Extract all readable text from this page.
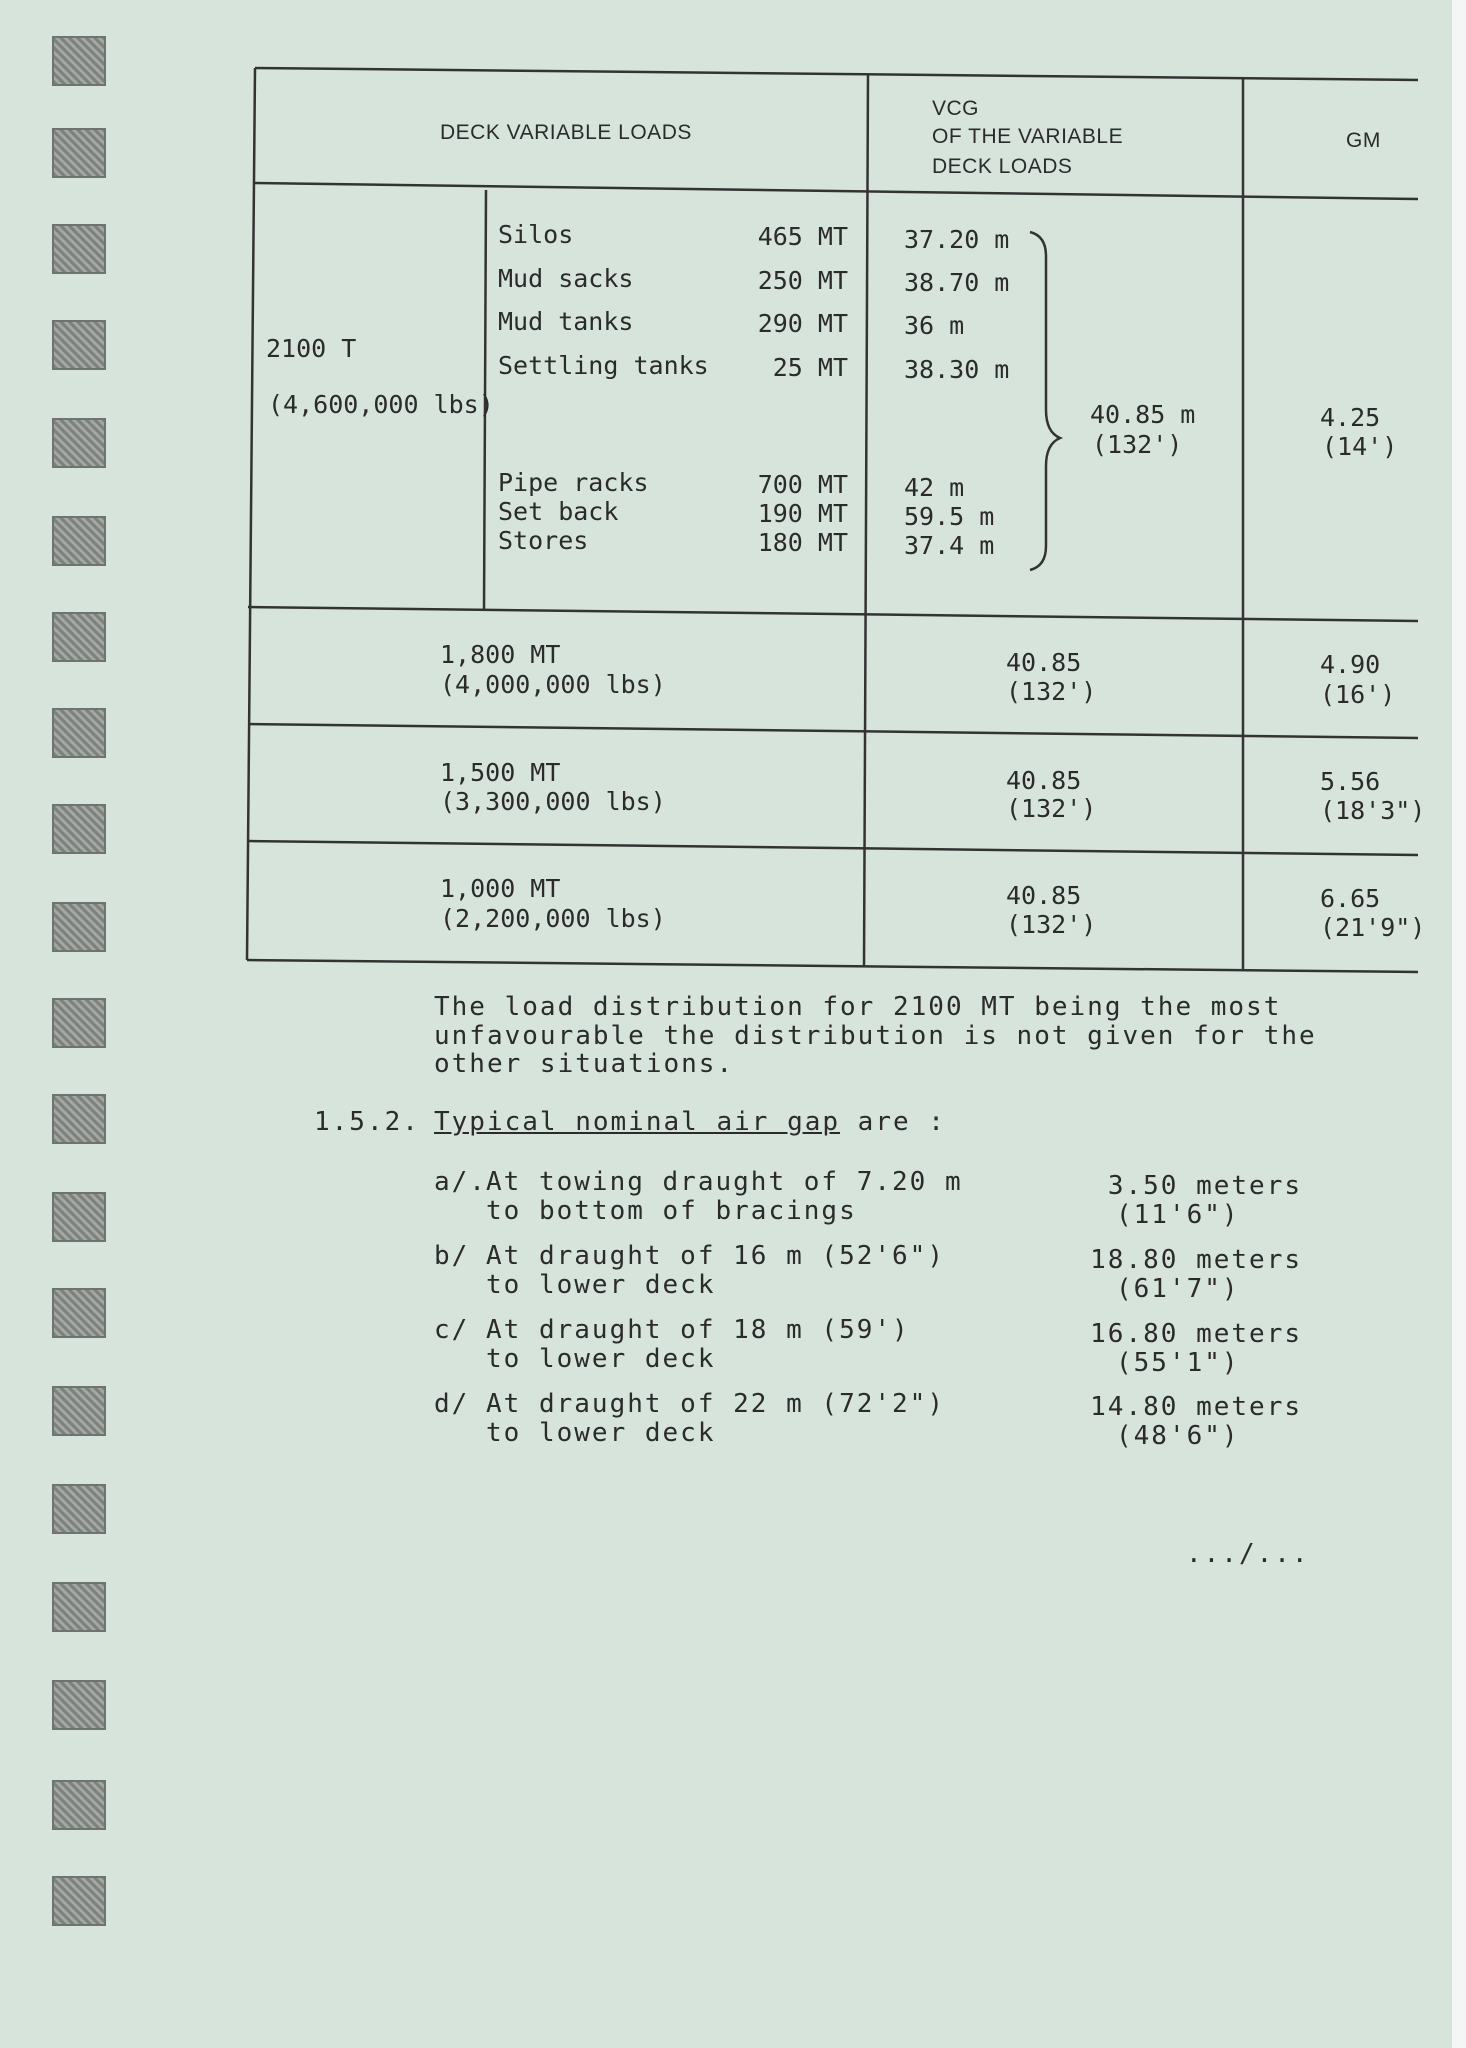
DECK VARIABLE LOADS
VCG
OF THE VARIABLE
DECK LOADS
GM
2100 T
(4,600,000 lbs)
Silos
Mud sacks
Mud tanks
Settling tanks
Pipe racks
Set back
Stores
465 MT
250 MT
290 MT
25 MT
700 MT
190 MT
180 MT
37.20 m
38.70 m
36 m
38.30 m
42 m
59.5 m
37.4 m
40.85 m
(132')
4.25
(14')
1,800 MT
(4,000,000 lbs)
40.85
(132')
4.90
(16')
1,500 MT
(3,300,000 lbs)
40.85
(132')
5.56
(18'3")
1,000 MT
(2,200,000 lbs)
40.85
(132')
6.65
(21'9")
The load distribution for 2100 MT being the most
unfavourable the distribution is not given for the
other situations.
1.5.2. Typical nominal air gap are :
a/. At towing draught of 7.20 m
to bottom of bracings
3.50 meters
(11'6")
b/ At draught of 16 m (52'6")
to lower deck
18.80 meters
(61'7")
c/ At draught of 18 m (59')
to lower deck
16.80 meters
(55'1")
d/ At draught of 22 m (72'2")
to lower deck
14.80 meters
(48'6")
.../...
